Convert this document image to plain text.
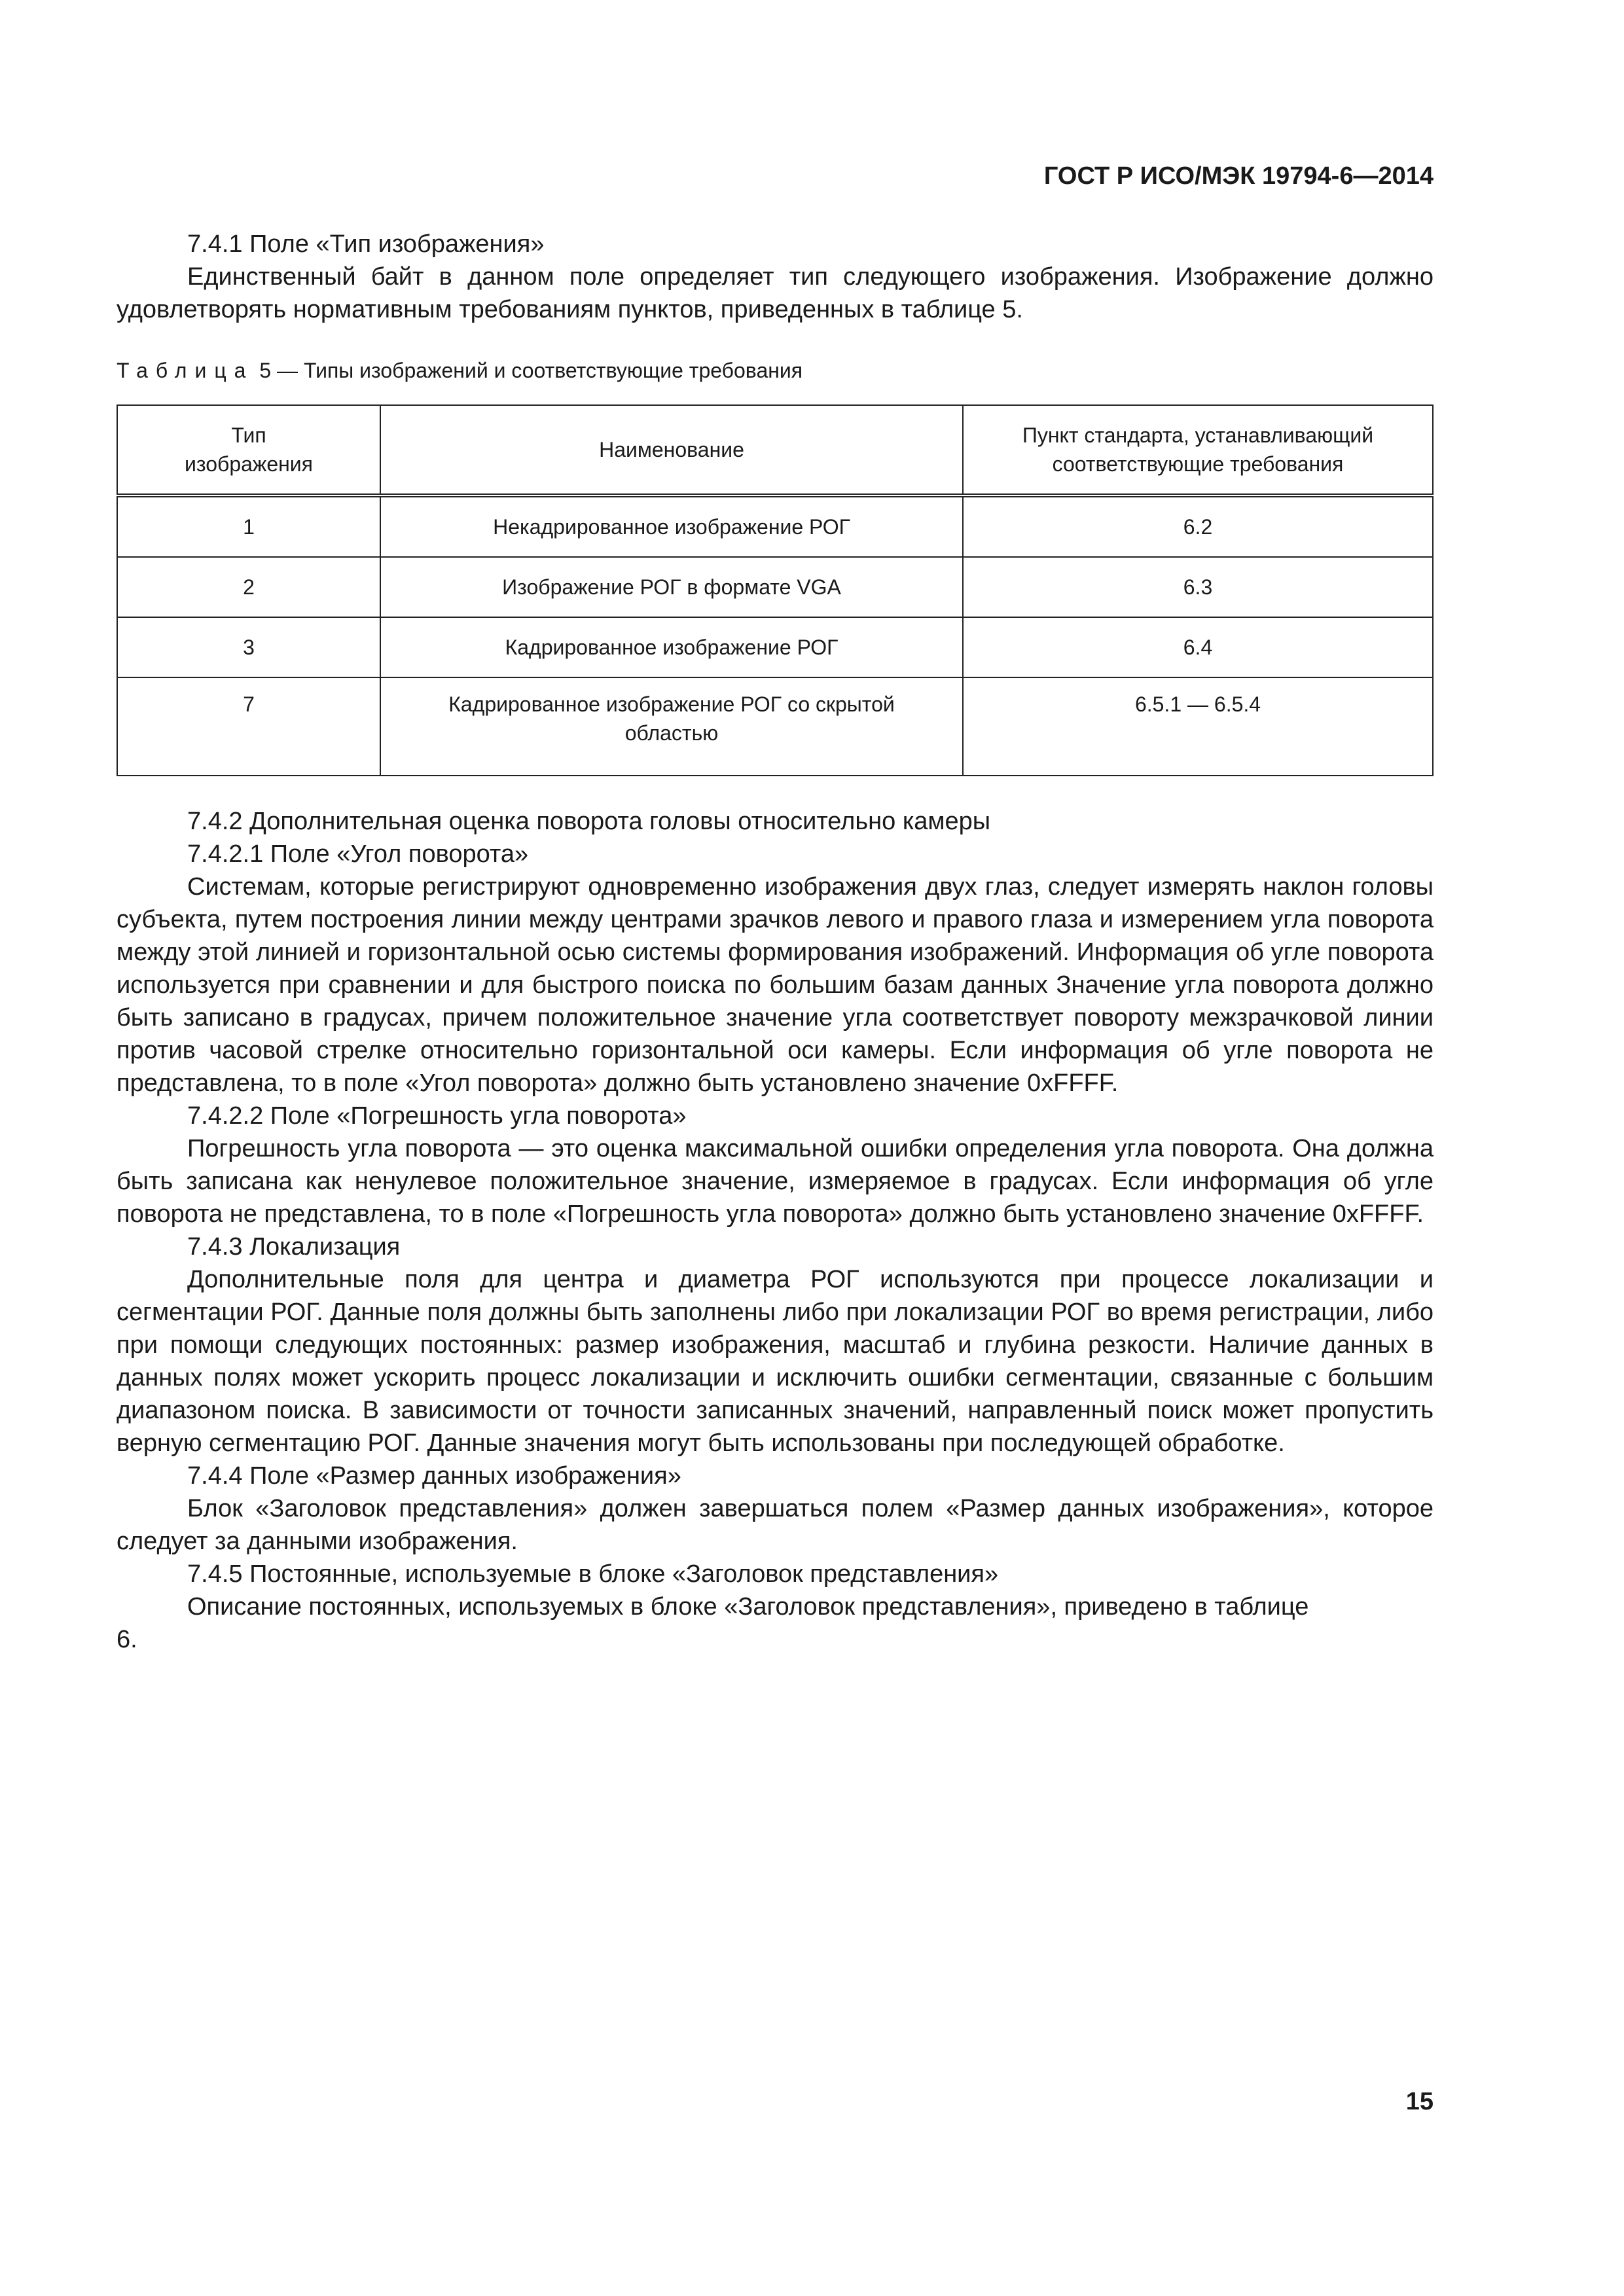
ГОСТ Р ИСО/МЭК 19794-6—2014

7.4.1 Поле «Тип изображения»

Единственный байт в данном поле определяет тип следующего изображения. Изображение должно удовлетворять нормативным требованиям пунктов, приведенных в таблице 5.

Таблица 5 — Типы изображений и соответствующие требования
Тип изображения	Наименование	Пункт стандарта, устанавливающий соответствующие требования
1	Некадрированное изображение РОГ	6.2
2	Изображение РОГ в формате VGA	6.3
3	Кадрированное изображение РОГ	6.4
7	Кадрированное изображение РОГ со скрытой областью	6.5.1 — 6.5.4

7.4.2 Дополнительная оценка поворота головы относительно камеры

7.4.2.1 Поле «Угол поворота»

Системам, которые регистрируют одновременно изображения двух глаз, следует измерять наклон головы субъекта, путем построения линии между центрами зрачков левого и правого глаза и измерением угла поворота между этой линией и горизонтальной осью системы формирования изображений. Информация об угле поворота используется при сравнении и для быстрого поиска по большим базам данных Значение угла поворота должно быть записано в градусах, причем положительное значение угла соответствует повороту межзрачковой линии против часовой стрелке относительно горизонтальной оси камеры. Если информация об угле поворота не представлена, то в поле «Угол поворота» должно быть установлено значение 0xFFFF.

7.4.2.2 Поле «Погрешность угла поворота»

Погрешность угла поворота — это оценка максимальной ошибки определения угла поворота. Она должна быть записана как ненулевое положительное значение, измеряемое в градусах. Если информация об угле поворота не представлена, то в поле «Погрешность угла поворота» должно быть установлено значение 0xFFFF.

7.4.3 Локализация

Дополнительные поля для центра и диаметра РОГ используются при процессе локализации и сегментации РОГ. Данные поля должны быть заполнены либо при локализации РОГ во время регистрации, либо при помощи следующих постоянных: размер изображения, масштаб и глубина резкости. Наличие данных в данных полях может ускорить процесс локализации и исключить ошибки сегментации, связанные с большим диапазоном поиска. В зависимости от точности записанных значений, направленный поиск может пропустить верную сегментацию РОГ. Данные значения могут быть использованы при последующей обработке.

7.4.4 Поле «Размер данных изображения»

Блок «Заголовок представления» должен завершаться полем «Размер данных изображения», которое следует за данными изображения.

7.4.5 Постоянные, используемые в блоке «Заголовок представления»

Описание постоянных, используемых в блоке «Заголовок представления», приведено в таблице

6.

15
